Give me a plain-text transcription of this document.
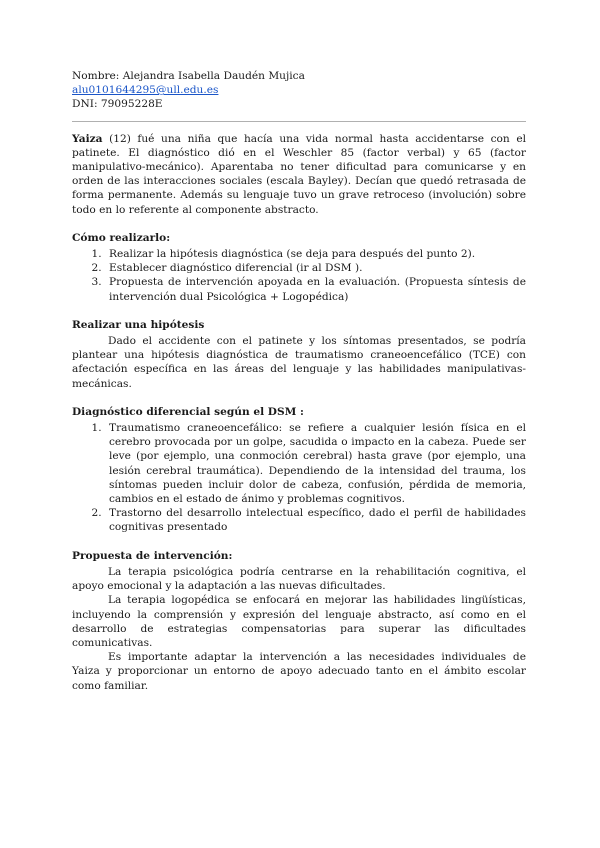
Nombre: Alejandra Isabella Daudén Mujica
alu0101644295@ull.edu.es
DNI: 79095228E

Yaiza (12) fué una niña que hacía una vida normal hasta accidentarse con el patinete. El diagnóstico dió en el Weschler 85 (factor verbal) y 65 (factor manipulativo-mecánico). Aparentaba no tener dificultad para comunicarse y en orden de las interacciones sociales (escala Bayley). Decían que quedó retrasada de forma permanente. Además su lenguaje tuvo un grave retroceso (involución) sobre todo en lo referente al componente abstracto.

Cómo realizarlo:
1. Realizar la hipótesis diagnóstica (se deja para después del punto 2).
2. Establecer diagnóstico diferencial (ir al DSM ).
3. Propuesta de intervención apoyada en la evaluación. (Propuesta síntesis de intervención dual Psicológica + Logopédica)
Realizar una hipótesis

Dado el accidente con el patinete y los síntomas presentados, se podría plantear una hipótesis diagnóstica de traumatismo craneoencefálico (TCE) con afectación específica en las áreas del lenguaje y las habilidades manipulativas-mecánicas.

Diagnóstico diferencial según el DSM :
1. Traumatismo craneoencefálico: se refiere a cualquier lesión física en el cerebro provocada por un golpe, sacudida o impacto en la cabeza. Puede ser leve (por ejemplo, una conmoción cerebral) hasta grave (por ejemplo, una lesión cerebral traumática). Dependiendo de la intensidad del trauma, los síntomas pueden incluir dolor de cabeza, confusión, pérdida de memoria, cambios en el estado de ánimo y problemas cognitivos.
2. Trastorno del desarrollo intelectual específico, dado el perfil de habilidades cognitivas presentado
Propuesta de intervención:

La terapia psicológica podría centrarse en la rehabilitación cognitiva, el apoyo emocional y la adaptación a las nuevas dificultades.

La terapia logopédica se enfocará en mejorar las habilidades lingüísticas, incluyendo la comprensión y expresión del lenguaje abstracto, así como en el desarrollo de estrategias compensatorias para superar las dificultades comunicativas.

Es importante adaptar la intervención a las necesidades individuales de Yaiza y proporcionar un entorno de apoyo adecuado tanto en el ámbito escolar como familiar.
